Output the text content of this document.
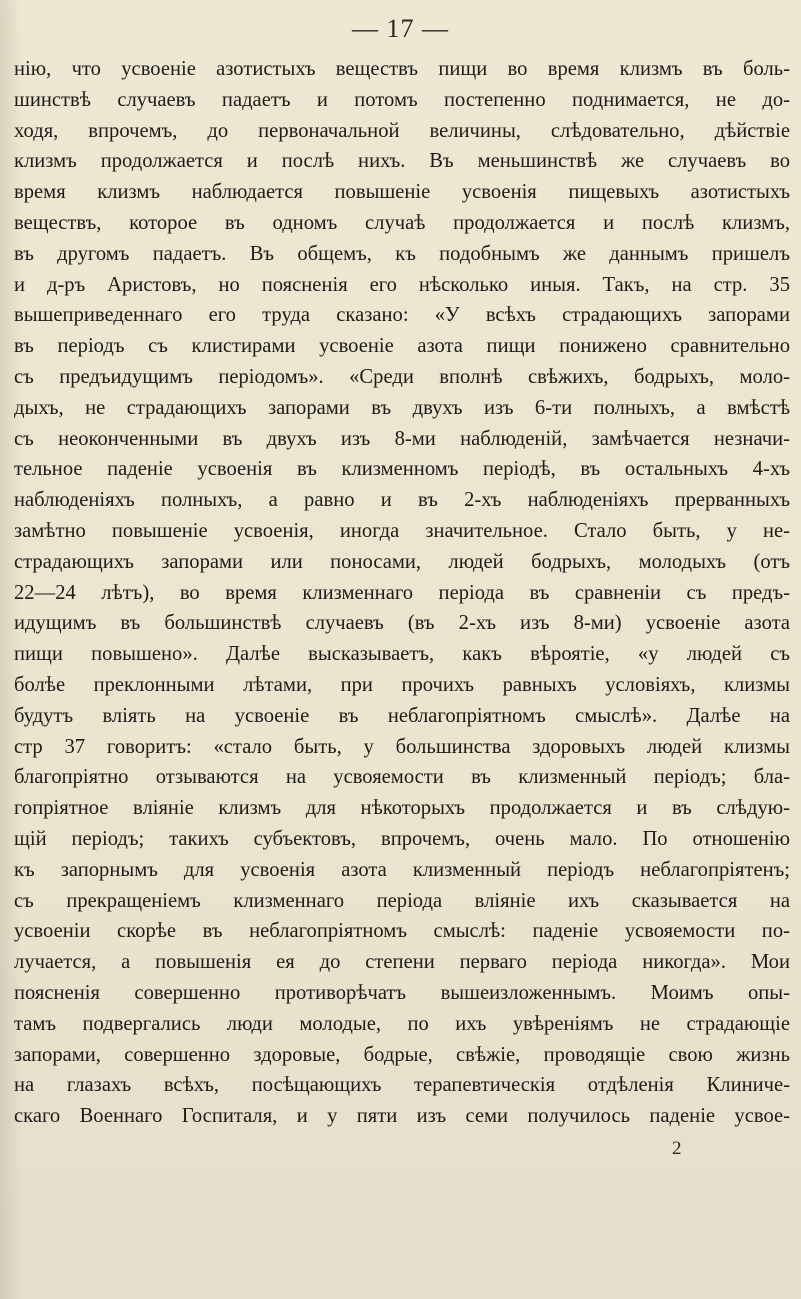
— 17 —
нію, что усвоеніе азотистыхъ веществъ пищи во время клизмъ въ боль-
шинствѣ случаевъ падаетъ и потомъ постепенно поднимается, не до-
ходя, впрочемъ, до первоначальной величины, слѣдовательно, дѣйствіе
клизмъ продолжается и послѣ нихъ. Въ меньшинствѣ же случаевъ во
время клизмъ наблюдается повышеніе усвоенія пищевыхъ азотистыхъ
веществъ, которое въ одномъ случаѣ продолжается и послѣ клизмъ,
въ другомъ падаетъ. Въ общемъ, къ подобнымъ же даннымъ пришелъ
и д-ръ Аристовъ, но поясненія его нѣсколько иныя. Такъ, на стр. 35
вышеприведеннаго его труда сказано: «У всѣхъ страдающихъ запорами
въ періодъ съ клистирами усвоеніе азота пищи понижено сравнительно
съ предъидущимъ періодомъ». «Среди вполнѣ свѣжихъ, бодрыхъ, моло-
дыхъ, не страдающихъ запорами въ двухъ изъ 6-ти полныхъ, а вмѣстѣ
съ неоконченными въ двухъ изъ 8-ми наблюденій, замѣчается незначи-
тельное паденіе усвоенія въ клизменномъ періодѣ, въ остальныхъ 4-хъ
наблюденіяхъ полныхъ, а равно и въ 2-хъ наблюденіяхъ прерванныхъ
замѣтно повышеніе усвоенія, иногда значительное. Стало быть, у не-
страдающихъ запорами или поносами, людей бодрыхъ, молодыхъ (отъ
22—24 лѣтъ), во время клизменнаго періода въ сравненіи съ предъ-
идущимъ въ большинствѣ случаевъ (въ 2-хъ изъ 8-ми) усвоеніе азота
пищи повышено». Далѣе высказываетъ, какъ вѣроятіе, «у людей съ
болѣе преклонными лѣтами, при прочихъ равныхъ условіяхъ, клизмы
будутъ вліять на усвоеніе въ неблагопріятномъ смыслѣ». Далѣе на
стр 37 говоритъ: «стало быть, у большинства здоровыхъ людей клизмы
благопріятно отзываются на усвояемости въ клизменный періодъ; бла-
гопріятное вліяніе клизмъ для нѣкоторыхъ продолжается и въ слѣдую-
щій періодъ; такихъ субъектовъ, впрочемъ, очень мало. По отношенію
къ запорнымъ для усвоенія азота клизменный періодъ неблагопріятенъ;
съ прекращеніемъ клизменнаго періода вліяніе ихъ сказывается на
усвоеніи скорѣе въ неблагопріятномъ смыслѣ: паденіе усвояемости по-
лучается, а повышенія ея до степени перваго періода никогда». Мои
поясненія совершенно противорѣчатъ вышеизложеннымъ. Моимъ опы-
тамъ подвергались люди молодые, по ихъ увѣреніямъ не страдающіе
запорами, совершенно здоровые, бодрые, свѣжіе, проводящіе свою жизнь
на глазахъ всѣхъ, посѣщающихъ терапевтическія отдѣленія Клиниче-
скаго Военнаго Госпиталя, и у пяти изъ семи получилось паденіе усвое-
2
